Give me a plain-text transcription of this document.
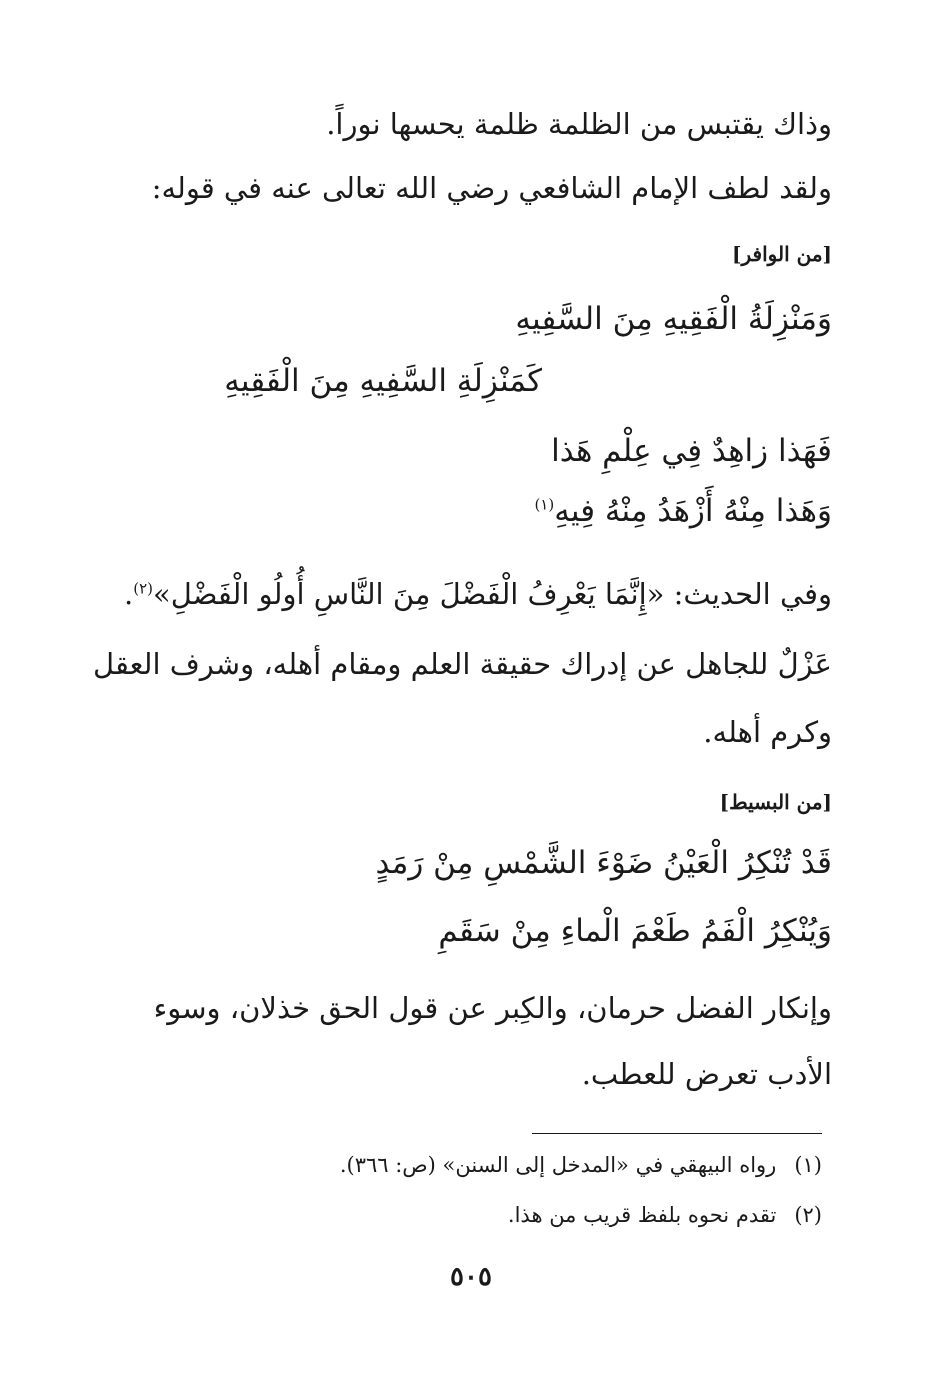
وذاك يقتبس من الظلمة ظلمة يحسها نوراً.
ولقد لطف الإمام الشافعي رضي الله تعالى عنه في قوله:
[من الوافر]
وَمَنْزِلَةُ الْفَقِيهِ مِنَ السَّفِيهِ
كَمَنْزِلَةِ السَّفِيهِ مِنَ الْفَقِيهِ
فَهَذا زاهِدٌ فِي عِلْمِ هَذا
وَهَذا مِنْهُ أَزْهَدُ مِنْهُ فِيهِ$^{(١)}$
وفي الحديث: «إِنَّمَا يَعْرِفُ الْفَضْلَ مِنَ النَّاسِ أُولُو الْفَضْلِ»$^{(٢)}$.
عَزْلٌ للجاهل عن إدراك حقيقة العلم ومقام أهله، وشرف العقل
وكرم أهله.
[من البسيط]
قَدْ تُنْكِرُ الْعَيْنُ ضَوْءَ الشَّمْسِ مِنْ رَمَدٍ
وَيُنْكِرُ الْفَمُ طَعْمَ الْماءِ مِنْ سَقَمِ
وإنكار الفضل حرمان، والكِبر عن قول الحق خذلان، وسوء
الأدب تعرض للعطب.
(١)رواه البيهقي في «المدخل إلى السنن» (ص: ٣٦٦).
(٢)تقدم نحوه بلفظ قريب من هذا.
٥٠٥
